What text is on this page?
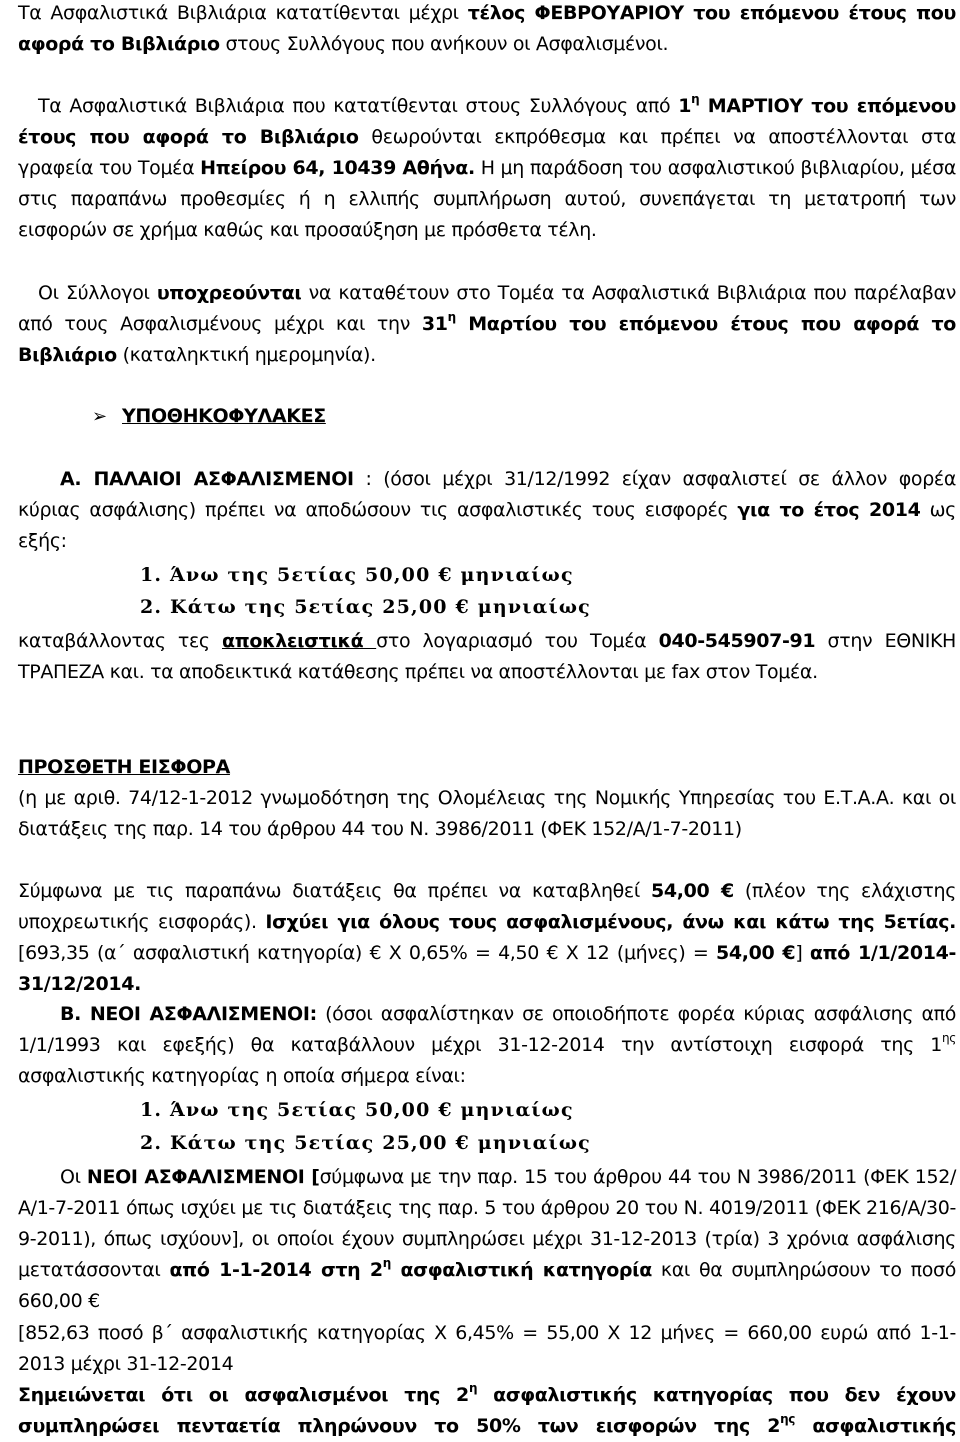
Τα Ασφαλιστικά Βιβλιάρια κατατίθενται μέχρι τέλος ΦΕΒΡΟΥΑΡΙΟΥ του επόμενου έτους που αφορά το Βιβλιάριο στους Συλλόγους που ανήκουν οι Ασφαλισμένοι.

Τα Ασφαλιστικά Βιβλιάρια που κατατίθενται στους Συλλόγους από $1^\eta$ ΜΑΡΤΙΟΥ του επόμενου έτους που αφορά το Βιβλιάριο θεωρούνται εκπρόθεσμα και πρέπει να αποστέλλονται στα γραφεία του Τομέα Ηπείρου 64, 10439 Αθήνα. Η μη παράδοση του ασφαλιστικού βιβλιαρίου, μέσα στις παραπάνω προθεσμίες ή η ελλιπής συμπλήρωση αυτού, συνεπάγεται τη μετατροπή των εισφορών σε χρήμα καθώς και προσαύξηση με πρόσθετα τέλη.

Οι Σύλλογοι υποχρεούνται να καταθέτουν στο Τομέα τα Ασφαλιστικά Βιβλιάρια που παρέλαβαν από τους Ασφαλισμένους μέχρι και την $31^\eta$ Μαρτίου του επόμενου έτους που αφορά το Βιβλιάριο (καταληκτική ημερομηνία).

➢ ΥΠΟΘΗΚΟΦΥΛΑΚΕΣ

Α. ΠΑΛΑΙΟΙ ΑΣΦΑΛΙΣΜΕΝΟΙ : (όσοι μέχρι 31/12/1992 είχαν ασφαλιστεί σε άλλον φορέα κύριας ασφάλισης) πρέπει να αποδώσουν τις ασφαλιστικές τους εισφορές για το έτος 2014 ως εξής:

1. Άνω της 5ετίας 50,00 € μηνιαίως

2. Κάτω της 5ετίας 25,00 € μηνιαίως

καταβάλλοντας τες αποκλειστικά στο λογαριασμό του Τομέα 040-545907-91 στην ΕΘΝΙΚΗ ΤΡΑΠΕΖΑ και. τα αποδεικτικά κατάθεσης πρέπει να αποστέλλονται με fax στον Τομέα.

ΠΡΟΣΘΕΤΗ ΕΙΣΦΟΡΑ

(η με αριθ. 74/12-1-2012 γνωμοδότηση της Ολομέλειας της Νομικής Υπηρεσίας του Ε.Τ.Α.Α. και οι διατάξεις της παρ. 14 του άρθρου 44 του Ν. 3986/2011 (ΦΕΚ 152/Α/1-7-2011)

Σύμφωνα με τις παραπάνω διατάξεις θα πρέπει να καταβληθεί 54,00 € (πλέον της ελάχιστης υποχρεωτικής εισφοράς). Ισχύει για όλους τους ασφαλισμένους, άνω και κάτω της 5ετίας. [693,35 (α΄ ασφαλιστική κατηγορία) € Χ 0,65% = 4,50 € Χ 12 (μήνες) = 54,00 €] από 1/1/2014-31/12/2014.

Β. ΝΕΟΙ ΑΣΦΑΛΙΣΜΕΝΟΙ: (όσοι ασφαλίστηκαν σε οποιοδήποτε φορέα κύριας ασφάλισης από 1/1/1993 και εφεξής) θα καταβάλλουν μέχρι 31-12-2014 την αντίστοιχη εισφορά της $1^{\eta\varsigma}$ ασφαλιστικής κατηγορίας η οποία σήμερα είναι:

1. Άνω της 5ετίας 50,00 € μηνιαίως

2. Κάτω της 5ετίας 25,00 € μηνιαίως

Οι ΝΕΟΙ ΑΣΦΑΛΙΣΜΕΝΟΙ [σύμφωνα με την παρ. 15 του άρθρου 44 του Ν 3986/2011 (ΦΕΚ 152/Α/1-7-2011 όπως ισχύει με τις διατάξεις της παρ. 5 του άρθρου 20 του Ν. 4019/2011 (ΦΕΚ 216/Α/30-9-2011), όπως ισχύουν], οι οποίοι έχουν συμπληρώσει μέχρι 31-12-2013 (τρία) 3 χρόνια ασφάλισης μετατάσσονται από 1-1-2014 στη $2^\eta$ ασφαλιστική κατηγορία και θα συμπληρώσουν το ποσό 660,00 €

[852,63 ποσό β΄ ασφαλιστικής κατηγορίας Χ 6,45% = 55,00 Χ 12 μήνες = 660,00 ευρώ από 1-1-2013 μέχρι 31-12-2014

Σημειώνεται ότι οι ασφαλισμένοι της $2^\eta$ ασφαλιστικής κατηγορίας που δεν έχουν συμπληρώσει πενταετία πληρώνουν το 50% των εισφορών της $2^{\eta\varsigma}$ ασφαλιστικής
